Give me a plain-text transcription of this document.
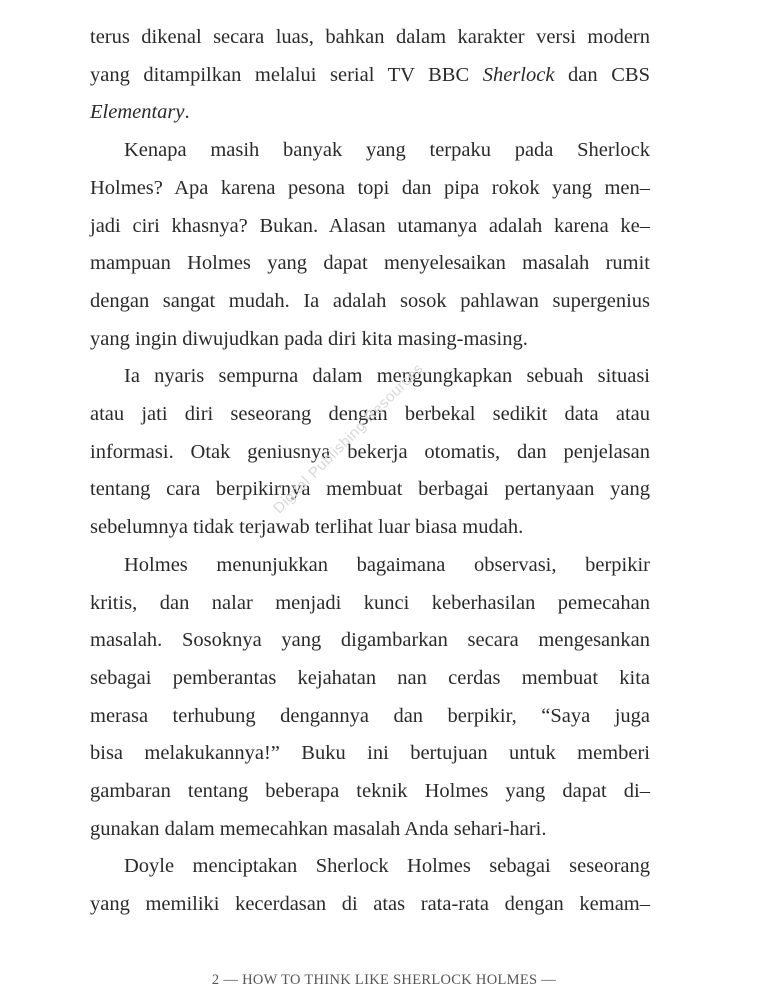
terus dikenal secara luas, bahkan dalam karakter versi modern
yang ditampilkan melalui serial TV BBC Sherlock dan CBS
Elementary.
Kenapa masih banyak yang terpaku pada Sherlock
Holmes? Apa karena pesona topi dan pipa rokok yang men–
jadi ciri khasnya? Bukan. Alasan utamanya adalah karena ke–
mampuan Holmes yang dapat menyelesaikan masalah rumit
dengan sangat mudah. Ia adalah sosok pahlawan supergenius
yang ingin diwujudkan pada diri kita masing-masing.
Ia nyaris sempurna dalam mengungkapkan sebuah situasi
atau jati diri seseorang dengan berbekal sedikit data atau
informasi. Otak geniusnya bekerja otomatis, dan penjelasan
tentang cara berpikirnya membuat berbagai pertanyaan yang
sebelumnya tidak terjawab terlihat luar biasa mudah.
Holmes menunjukkan bagaimana observasi, berpikir
kritis, dan nalar menjadi kunci keberhasilan pemecahan
masalah. Sosoknya yang digambarkan secara mengesankan
sebagai pemberantas kejahatan nan cerdas membuat kita
merasa terhubung dengannya dan berpikir, “Saya juga
bisa melakukannya!” Buku ini bertujuan untuk memberi
gambaran tentang beberapa teknik Holmes yang dapat di–
gunakan dalam memecahkan masalah Anda sehari-hari.
Doyle menciptakan Sherlock Holmes sebagai seseorang
yang memiliki kecerdasan di atas rata-rata dengan kemam–
Digital Publishing Resources
2 — HOW TO THINK LIKE SHERLOCK HOLMES —
